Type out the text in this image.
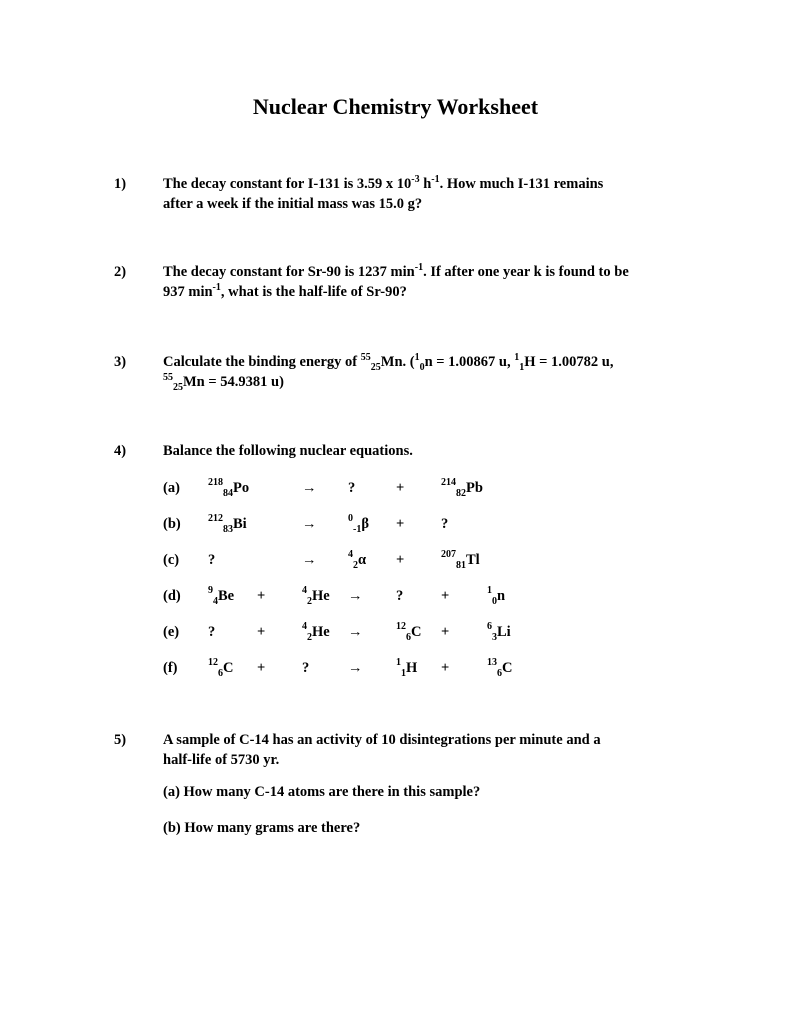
Nuclear Chemistry Worksheet
1)	The decay constant for I-131 is 3.59 x $10^{-3}$ $h^{-1}$. How much I-131 remains
after a week if the initial mass was 15.0 g?
2)	The decay constant for Sr-90 is 1237 $\min^{-1}$. If after one year k is found to be
937 $\min^{-1}$, what is the half-life of Sr-90?
3)	Calculate the binding energy of $^{55}_{25}$Mn. ($^1_0$n = 1.00867 u, $^1_1$H = 1.00782 u,
$^{55}_{25}$Mn = 54.9381 u)
4)	Balance the following nuclear equations.
(a)	$^{218}_{84}$Po	→ ?	+	$^{214}_{82}$Pb
(b)	$^{212}_{83}$Bi	→	$^0_{-1}$β +	?
(c) ?	→	$^4_2$α +	$^{207}_{81}$Tl
(d)	$^9_4$Be +	$^4_2$He → ?	+	$^1_0$n
(e) ?	+	$^4_2$He →	$^{12}_6$C +	$^6_3$Li
(f)	$^{12}_6$C +	?	→	$^1_1$H +	$^{13}_6$C
5)	A sample of C-14 has an activity of 10 disintegrations per minute and a
half-life of 5730 yr.
(a) How many C-14 atoms are there in this sample?
(b) How many grams are there?
